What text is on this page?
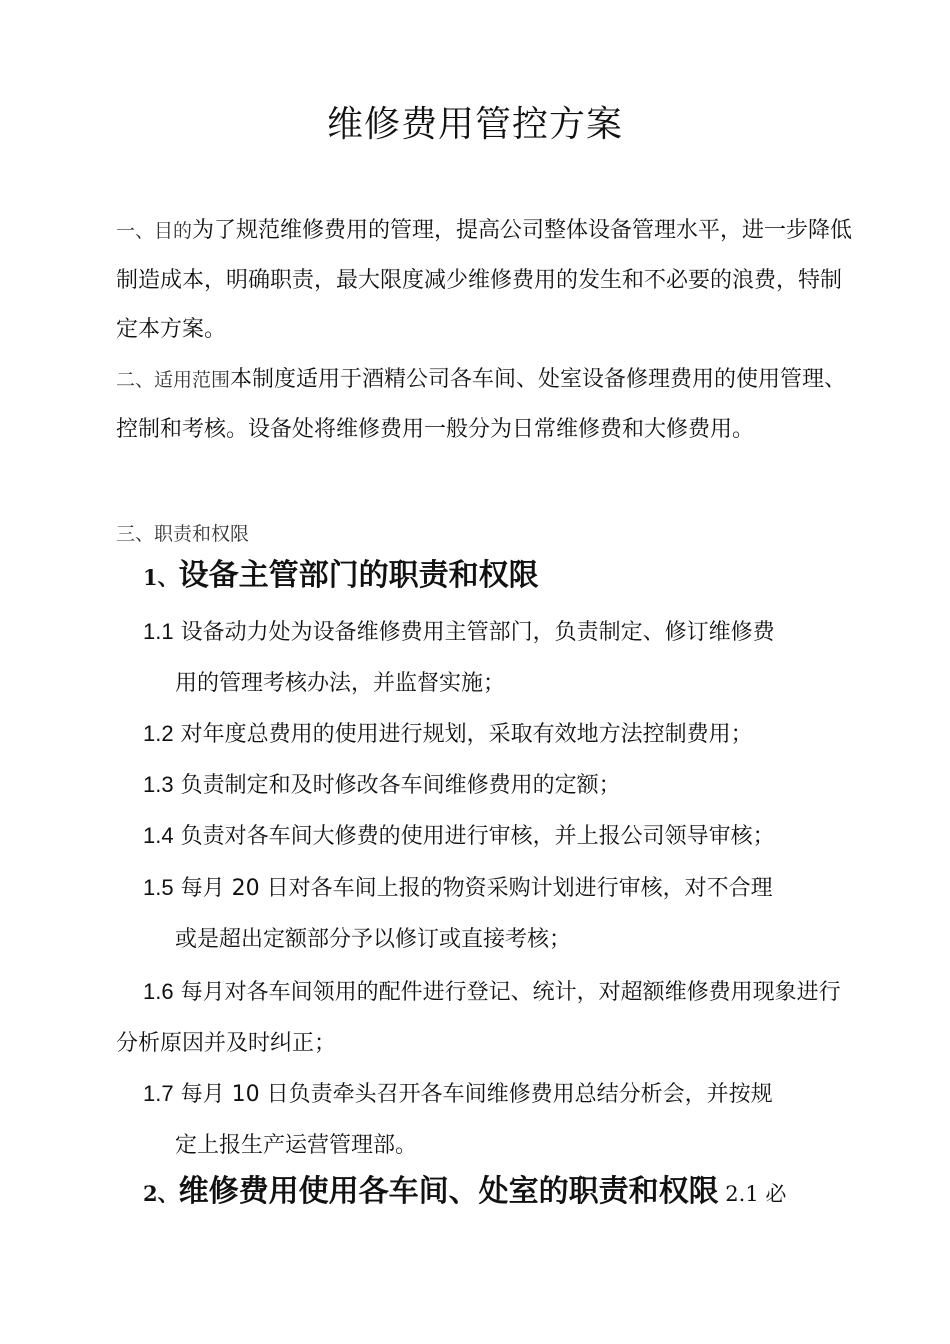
维修费用管控方案
一、目的为了规范维修费用的管理，提高公司整体设备管理水平，进一步降低制造成本，明确职责，最大限度减少维修费用的发生和不必要的浪费，特制定本方案。
二、适用范围本制度适用于酒精公司各车间、处室设备修理费用的使用管理、控制和考核。设备处将维修费用一般分为日常维修费和大修费用。
三、职责和权限
1、设备主管部门的职责和权限
1.1 设备动力处为设备维修费用主管部门，负责制定、修订维修费
用的管理考核办法，并监督实施；
1.2 对年度总费用的使用进行规划，采取有效地方法控制费用；
1.3 负责制定和及时修改各车间维修费用的定额；
1.4 负责对各车间大修费的使用进行审核，并上报公司领导审核；
1.5 每月 20 日对各车间上报的物资采购计划进行审核，对不合理
或是超出定额部分予以修订或直接考核；
1.6 每月对各车间领用的配件进行登记、统计，对超额维修费用现象进行分析原因并及时纠正；
1.7 每月 10 日负责牵头召开各车间维修费用总结分析会，并按规
定上报生产运营管理部。
2、维修费用使用各车间、处室的职责和权限 2.1 必
